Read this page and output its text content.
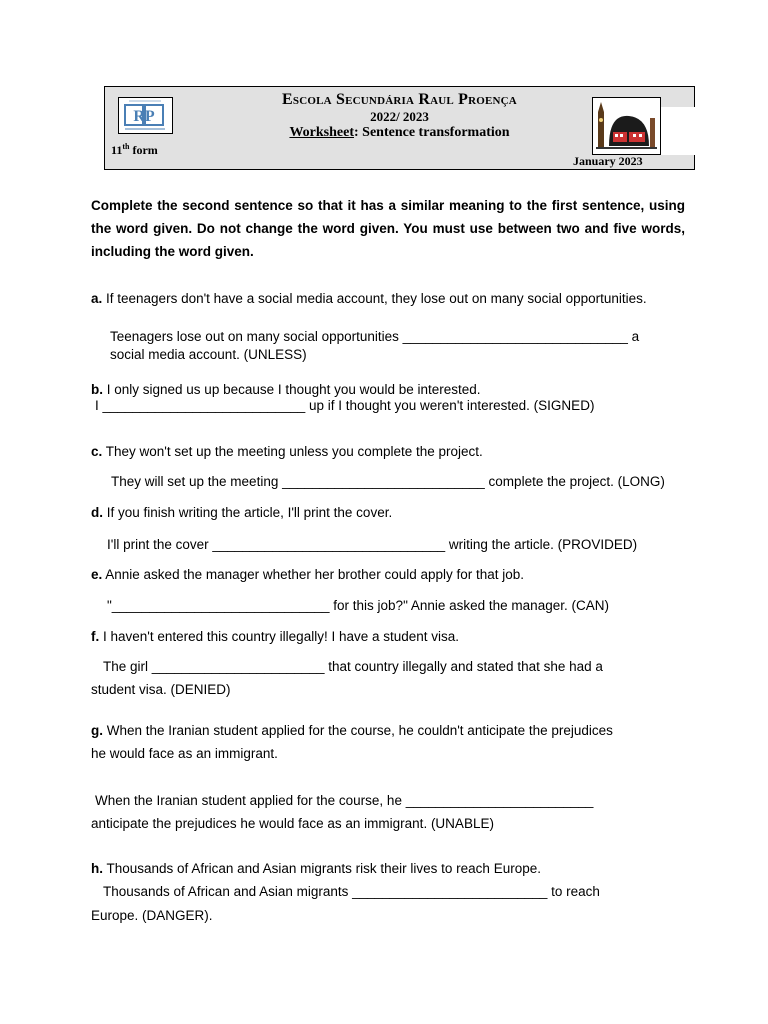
RP
Escola Secundária Raul Proença
2022/ 2023
Worksheet: Sentence transformation
11th form
January 2023
Complete the second sentence so that it has a similar meaning to the first sentence, using the word given. Do not change the word given. You must use between two and five words, including the word given.
a. If teenagers don't have a social media account, they lose out on many social opportunities.
Teenagers lose out on many social opportunities ______________________________ a
social media account. (UNLESS)
b. I only signed us up because I thought you would be interested.
I ___________________________ up if I thought you weren't interested. (SIGNED)
c. They won't set up the meeting unless you complete the project.
They will set up the meeting ___________________________ complete the project. (LONG)
d. If you finish writing the article, I'll print the cover.
I'll print the cover _______________________________ writing the article. (PROVIDED)
e. Annie asked the manager whether her brother could apply for that job.
"_____________________________ for this job?" Annie asked the manager. (CAN)
f. I haven't entered this country illegally! I have a student visa.
The girl _______________________ that country illegally and stated that she had a
student visa. (DENIED)
g. When the Iranian student applied for the course, he couldn't anticipate the prejudices
he would face as an immigrant.
When the Iranian student applied for the course, he _________________________
anticipate the prejudices he would face as an immigrant. (UNABLE)
h. Thousands of African and Asian migrants risk their lives to reach Europe.
Thousands of African and Asian migrants __________________________ to reach
Europe. (DANGER).
